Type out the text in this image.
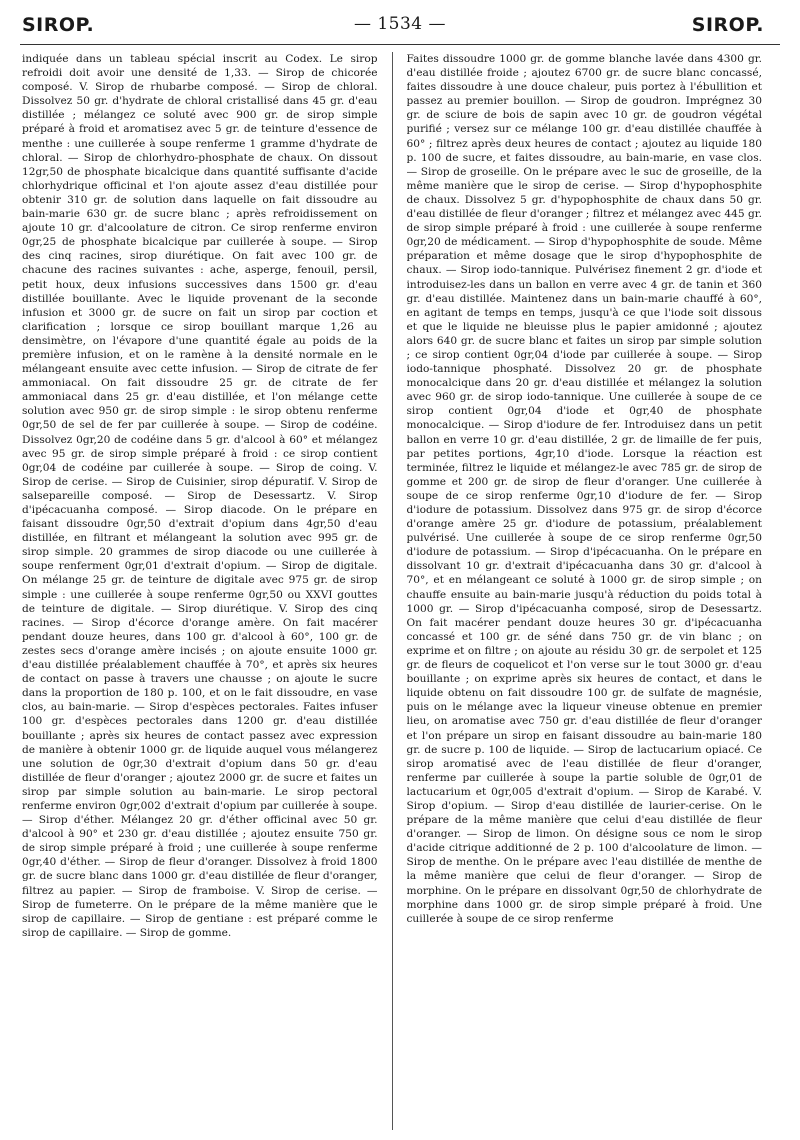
SIROP.	— 1534 —	SIROP.

indiquée dans un tableau spécial inscrit au Codex. Le sirop refroidi doit avoir une densité de 1,33. — Sirop de chicorée composé. V. Sirop de rhubarbe composé. — Sirop de chloral. Dissolvez 50 gr. d'hydrate de chloral cristallisé dans 45 gr. d'eau distillée ; mélangez ce soluté avec 900 gr. de sirop simple préparé à froid et aromatisez avec 5 gr. de teinture d'essence de menthe : une cuillerée à soupe renferme 1 gramme d'hydrate de chloral. — Sirop de chlorhydro-phosphate de chaux. On dissout 12gr,50 de phosphate bicalcique dans quantité suffisante d'acide chlorhydrique officinal et l'on ajoute assez d'eau distillée pour obtenir 310 gr. de solution dans laquelle on fait dissoudre au bain-marie 630 gr. de sucre blanc ; après refroidissement on ajoute 10 gr. d'alcoolature de citron. Ce sirop renferme environ 0gr,25 de phosphate bicalcique par cuillerée à soupe. — Sirop des cinq racines, sirop diurétique. On fait avec 100 gr. de chacune des racines suivantes : ache, asperge, fenouil, persil, petit houx, deux infusions successives dans 1500 gr. d'eau distillée bouillante. Avec le liquide provenant de la seconde infusion et 3000 gr. de sucre on fait un sirop par coction et clarification ; lorsque ce sirop bouillant marque 1,26 au densimètre, on l'évapore d'une quantité égale au poids de la première infusion, et on le ramène à la densité normale en le mélangeant ensuite avec cette infusion. — Sirop de citrate de fer ammoniacal. On fait dissoudre 25 gr. de citrate de fer ammoniacal dans 25 gr. d'eau distillée, et l'on mélange cette solution avec 950 gr. de sirop simple : le sirop obtenu renferme 0gr,50 de sel de fer par cuillerée à soupe. — Sirop de codéine. Dissolvez 0gr,20 de codéine dans 5 gr. d'alcool à 60° et mélangez avec 95 gr. de sirop simple préparé à froid : ce sirop contient 0gr,04 de codéine par cuillerée à soupe. — Sirop de coing. V. Sirop de cerise. — Sirop de Cuisinier, sirop dépuratif. V. Sirop de salsepareille composé. — Sirop de Desessartz. V. Sirop d'ipécacuanha composé. — Sirop diacode. On le prépare en faisant dissoudre 0gr,50 d'extrait d'opium dans 4gr,50 d'eau distillée, en filtrant et mélangeant la solution avec 995 gr. de sirop simple. 20 grammes de sirop diacode ou une cuillerée à soupe renferment 0gr,01 d'extrait d'opium. — Sirop de digitale. On mélange 25 gr. de teinture de digitale avec 975 gr. de sirop simple : une cuillerée à soupe renferme 0gr,50 ou XXVI gouttes de teinture de digitale. — Sirop diurétique. V. Sirop des cinq racines. — Sirop d'écorce d'orange amère. On fait macérer pendant douze heures, dans 100 gr. d'alcool à 60°, 100 gr. de zestes secs d'orange amère incisés ; on ajoute ensuite 1000 gr. d'eau distillée préalablement chauffée à 70°, et après six heures de contact on passe à travers une chausse ; on ajoute le sucre dans la proportion de 180 p. 100, et on le fait dissoudre, en vase clos, au bain-marie. — Sirop d'espèces pectorales. Faites infuser 100 gr. d'espèces pectorales dans 1200 gr. d'eau distillée bouillante ; après six heures de contact passez avec expression de manière à obtenir 1000 gr. de liquide auquel vous mélangerez une solution de 0gr,30 d'extrait d'opium dans 50 gr. d'eau distillée de fleur d'oranger ; ajoutez 2000 gr. de sucre et faites un sirop par simple solution au bain-marie. Le sirop pectoral renferme environ 0gr,002 d'extrait d'opium par cuillerée à soupe. — Sirop d'éther. Mélangez 20 gr. d'éther officinal avec 50 gr. d'alcool à 90° et 230 gr. d'eau distillée ; ajoutez ensuite 750 gr. de sirop simple préparé à froid ; une cuillerée à soupe renferme 0gr,40 d'éther. — Sirop de fleur d'oranger. Dissolvez à froid 1800 gr. de sucre blanc dans 1000 gr. d'eau distillée de fleur d'oranger, filtrez au papier. — Sirop de framboise. V. Sirop de cerise. — Sirop de fumeterre. On le prépare de la même manière que le sirop de capillaire. — Sirop de gentiane : est préparé comme le sirop de capillaire. — Sirop de gomme.

Faites dissoudre 1000 gr. de gomme blanche lavée dans 4300 gr. d'eau distillée froide ; ajoutez 6700 gr. de sucre blanc concassé, faites dissoudre à une douce chaleur, puis portez à l'ébullition et passez au premier bouillon. — Sirop de goudron. Imprégnez 30 gr. de sciure de bois de sapin avec 10 gr. de goudron végétal purifié ; versez sur ce mélange 100 gr. d'eau distillée chauffée à 60° ; filtrez après deux heures de contact ; ajoutez au liquide 180 p. 100 de sucre, et faites dissoudre, au bain-marie, en vase clos. — Sirop de groseille. On le prépare avec le suc de groseille, de la même manière que le sirop de cerise. — Sirop d'hypophosphite de chaux. Dissolvez 5 gr. d'hypophosphite de chaux dans 50 gr. d'eau distillée de fleur d'oranger ; filtrez et mélangez avec 445 gr. de sirop simple préparé à froid : une cuillerée à soupe renferme 0gr,20 de médicament. — Sirop d'hypophosphite de soude. Même préparation et même dosage que le sirop d'hypophosphite de chaux. — Sirop iodo-tannique. Pulvérisez finement 2 gr. d'iode et introduisez-les dans un ballon en verre avec 4 gr. de tanin et 360 gr. d'eau distillée. Maintenez dans un bain-marie chauffé à 60°, en agitant de temps en temps, jusqu'à ce que l'iode soit dissous et que le liquide ne bleuisse plus le papier amidonné ; ajoutez alors 640 gr. de sucre blanc et faites un sirop par simple solution ; ce sirop contient 0gr,04 d'iode par cuillerée à soupe. — Sirop iodo-tannique phosphaté. Dissolvez 20 gr. de phosphate monocalcique dans 20 gr. d'eau distillée et mélangez la solution avec 960 gr. de sirop iodo-tannique. Une cuillerée à soupe de ce sirop contient 0gr,04 d'iode et 0gr,40 de phosphate monocalcique. — Sirop d'iodure de fer. Introduisez dans un petit ballon en verre 10 gr. d'eau distillée, 2 gr. de limaille de fer puis, par petites portions, 4gr,10 d'iode. Lorsque la réaction est terminée, filtrez le liquide et mélangez-le avec 785 gr. de sirop de gomme et 200 gr. de sirop de fleur d'oranger. Une cuillerée à soupe de ce sirop renferme 0gr,10 d'iodure de fer. — Sirop d'iodure de potassium. Dissolvez dans 975 gr. de sirop d'écorce d'orange amère 25 gr. d'iodure de potassium, préalablement pulvérisé. Une cuillerée à soupe de ce sirop renferme 0gr,50 d'iodure de potassium. — Sirop d'ipécacuanha. On le prépare en dissolvant 10 gr. d'extrait d'ipécacuanha dans 30 gr. d'alcool à 70°, et en mélangeant ce soluté à 1000 gr. de sirop simple ; on chauffe ensuite au bain-marie jusqu'à réduction du poids total à 1000 gr. — Sirop d'ipécacuanha composé, sirop de Desessartz. On fait macérer pendant douze heures 30 gr. d'ipécacuanha concassé et 100 gr. de séné dans 750 gr. de vin blanc ; on exprime et on filtre ; on ajoute au résidu 30 gr. de serpolet et 125 gr. de fleurs de coquelicot et l'on verse sur le tout 3000 gr. d'eau bouillante ; on exprime après six heures de contact, et dans le liquide obtenu on fait dissoudre 100 gr. de sulfate de magnésie, puis on le mélange avec la liqueur vineuse obtenue en premier lieu, on aromatise avec 750 gr. d'eau distillée de fleur d'oranger et l'on prépare un sirop en faisant dissoudre au bain-marie 180 gr. de sucre p. 100 de liquide. — Sirop de lactucarium opiacé. Ce sirop aromatisé avec de l'eau distillée de fleur d'oranger, renferme par cuillerée à soupe la partie soluble de 0gr,01 de lactucarium et 0gr,005 d'extrait d'opium. — Sirop de Karabé. V. Sirop d'opium. — Sirop d'eau distillée de laurier-cerise. On le prépare de la même manière que celui d'eau distillée de fleur d'oranger. — Sirop de limon. On désigne sous ce nom le sirop d'acide citrique additionné de 2 p. 100 d'alcoolature de limon. — Sirop de menthe. On le prépare avec l'eau distillée de menthe de la même manière que celui de fleur d'oranger. — Sirop de morphine. On le prépare en dissolvant 0gr,50 de chlorhydrate de morphine dans 1000 gr. de sirop simple préparé à froid. Une cuillerée à soupe de ce sirop renferme
